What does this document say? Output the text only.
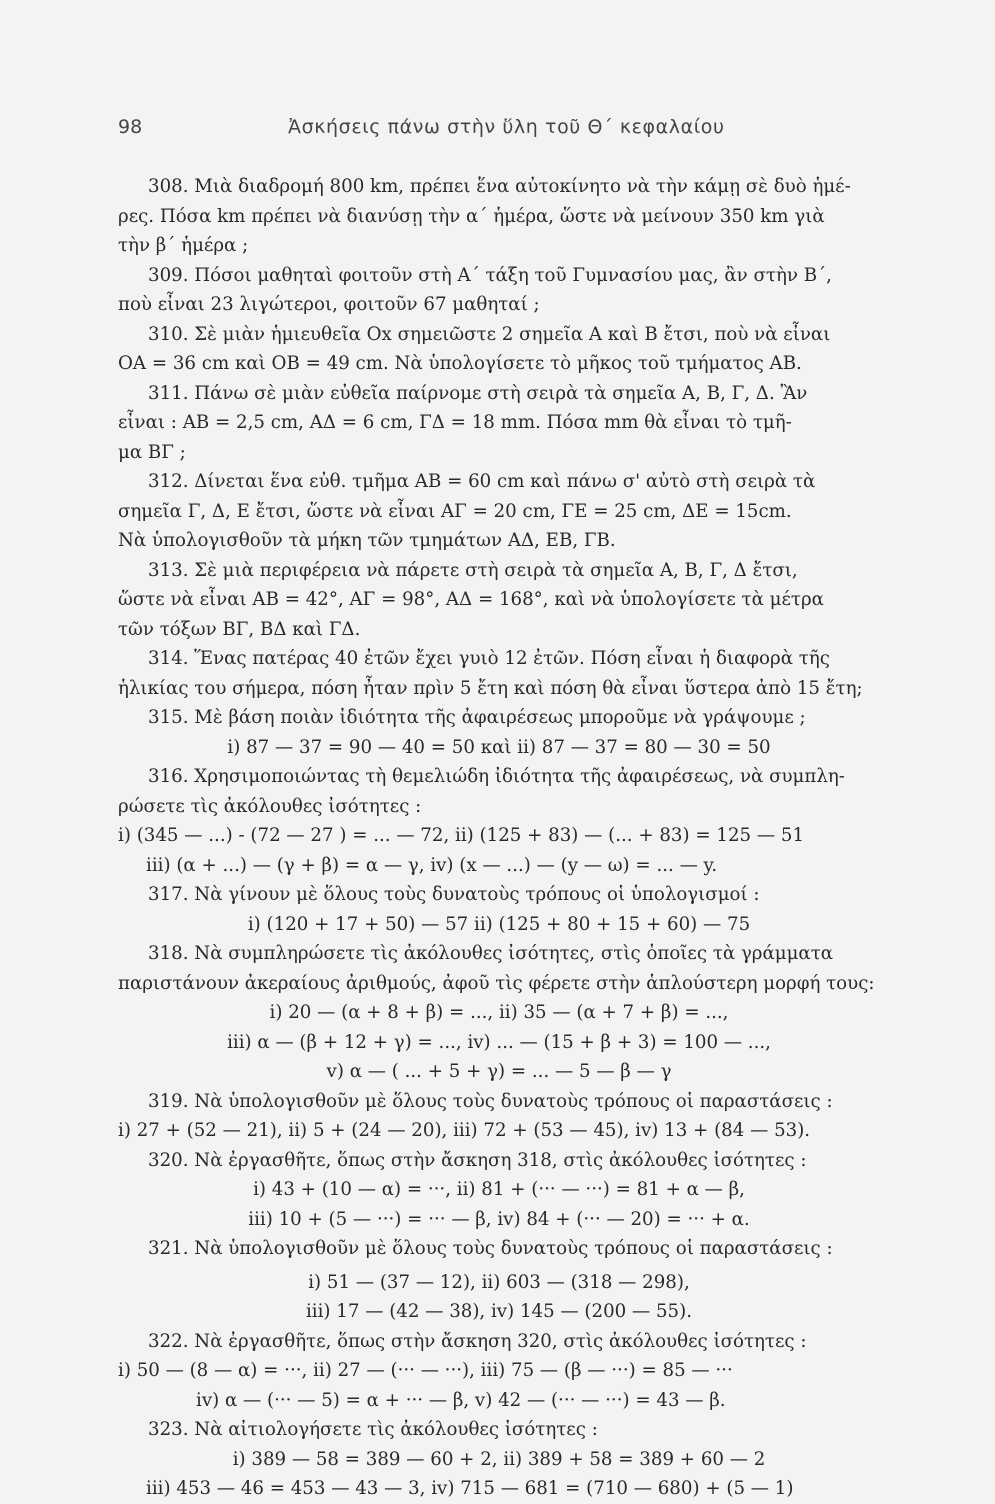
98	Ἀσκήσεις πάνω στὴν ὕλη τοῦ Θ΄ κεφαλαίου
308. Μιὰ διαδρομή 800 km, πρέπει ἕνα αὐτοκίνητο νὰ τὴν κάμῃ σὲ δυὸ ἡμέ-
ρες. Πόσα km πρέπει νὰ διανύσῃ τὴν α΄ ἡμέρα, ὥστε νὰ μείνουν 350 km γιὰ
τὴν β΄ ἡμέρα ;
309. Πόσοι μαθηταὶ φοιτοῦν στὴ Α΄ τάξη τοῦ Γυμνασίου μας, ἂν στὴν Β΄,
ποὺ εἶναι 23 λιγώτεροι, φοιτοῦν 67 μαθηταί ;
310. Σὲ μιὰν ἡμιευθεῖα Οx σημειῶστε 2 σημεῖα Α καὶ Β ἔτσι, ποὺ νὰ εἶναι
ΟΑ = 36 cm καὶ ΟΒ = 49 cm. Νὰ ὑπολογίσετε τὸ μῆκος τοῦ τμήματος ΑΒ.
311. Πάνω σὲ μιὰν εὐθεῖα παίρνομε στὴ σειρὰ τὰ σημεῖα Α, Β, Γ, Δ. Ἂν
εἶναι : ΑΒ = 2,5 cm, ΑΔ = 6 cm, ΓΔ = 18 mm. Πόσα mm θὰ εἶναι τὸ τμῆ-
μα ΒΓ ;
312. Δίνεται ἕνα εὐθ. τμῆμα ΑΒ = 60 cm καὶ πάνω σ' αὐτὸ στὴ σειρὰ τὰ
σημεῖα Γ, Δ, Ε ἔτσι, ὥστε νὰ εἶναι ΑΓ = 20 cm, ΓΕ = 25 cm, ΔΕ = 15cm.
Νὰ ὑπολογισθοῦν τὰ μήκη τῶν τμημάτων ΑΔ, ΕΒ, ΓΒ.
313. Σὲ μιὰ περιφέρεια νὰ πάρετε στὴ σειρὰ τὰ σημεῖα Α, Β, Γ, Δ ἔτσι,
ὥστε νὰ εἶναι ΑΒ = 42°, ΑΓ = 98°, ΑΔ = 168°, καὶ νὰ ὑπολογίσετε τὰ μέτρα
τῶν τόξων ΒΓ, ΒΔ καὶ ΓΔ.
314. Ἕνας πατέρας 40 ἐτῶν ἔχει γυιὸ 12 ἐτῶν. Πόση εἶναι ἡ διαφορὰ τῆς
ἡλικίας του σήμερα, πόση ἦταν πρὶν 5 ἔτη καὶ πόση θὰ εἶναι ὕστερα ἀπὸ 15 ἔτη;
315. Μὲ βάση ποιὰν ἰδιότητα τῆς ἀφαιρέσεως μποροῦμε νὰ γράψουμε ;
i) 87 — 37 = 90 — 40 = 50 καὶ ii) 87 — 37 = 80 — 30 = 50
316. Χρησιμοποιώντας τὴ θεμελιώδη ἰδιότητα τῆς ἀφαιρέσεως, νὰ συμπλη-
ρώσετε τὶς ἀκόλουθες ἰσότητες :
i) (345 — ...) - (72 — 27 ) = ... — 72, ii) (125 + 83) — (... + 83) = 125 — 51
iii) (α + ...) — (γ + β) = α — γ, iv) (x — ...) — (y — ω) = ... — y.
317. Νὰ γίνουν μὲ ὅλους τοὺς δυνατοὺς τρόπους οἱ ὑπολογισμοί :
i) (120 + 17 + 50) — 57 ii) (125 + 80 + 15 + 60) — 75
318. Νὰ συμπληρώσετε τὶς ἀκόλουθες ἰσότητες, στὶς ὁποῖες τὰ γράμματα
παριστάνουν ἀκεραίους ἀριθμούς, ἀφοῦ τὶς φέρετε στὴν ἁπλούστερη μορφή τους:
i) 20 — (α + 8 + β) = ..., ii) 35 — (α + 7 + β) = ...,
iii) α — (β + 12 + γ) = ..., iv) ... — (15 + β + 3) = 100 — ...,
v) α — ( ... + 5 + γ) = ... — 5 — β — γ
319. Νὰ ὑπολογισθοῦν μὲ ὅλους τοὺς δυνατοὺς τρόπους οἱ παραστάσεις :
i) 27 + (52 — 21), ii) 5 + (24 — 20), iii) 72 + (53 — 45), iv) 13 + (84 — 53).
320. Νὰ ἐργασθῆτε, ὅπως στὴν ἄσκηση 318, στὶς ἀκόλουθες ἰσότητες :
i) 43 + (10 — α) = ···, ii) 81 + (··· — ···) = 81 + α — β,
iii) 10 + (5 — ···) = ··· — β, iv) 84 + (··· — 20) = ··· + α.
321. Νὰ ὑπολογισθοῦν μὲ ὅλους τοὺς δυνατοὺς τρόπους οἱ παραστάσεις :
i) 51 — (37 — 12), ii) 603 — (318 — 298),
iii) 17 — (42 — 38), iv) 145 — (200 — 55).
322. Νὰ ἐργασθῆτε, ὅπως στὴν ἄσκηση 320, στὶς ἀκόλουθες ἰσότητες :
i) 50 — (8 — α) = ···, ii) 27 — (··· — ···), iii) 75 — (β — ···) = 85 — ···
iv) α — (··· — 5) = α + ··· — β, v) 42 — (··· — ···) = 43 — β.
323. Νὰ αἰτιολογήσετε τὶς ἀκόλουθες ἰσότητες :
i) 389 — 58 = 389 — 60 + 2, ii) 389 + 58 = 389 + 60 — 2
iii) 453 — 46 = 453 — 43 — 3, iv) 715 — 681 = (710 — 680) + (5 — 1)
